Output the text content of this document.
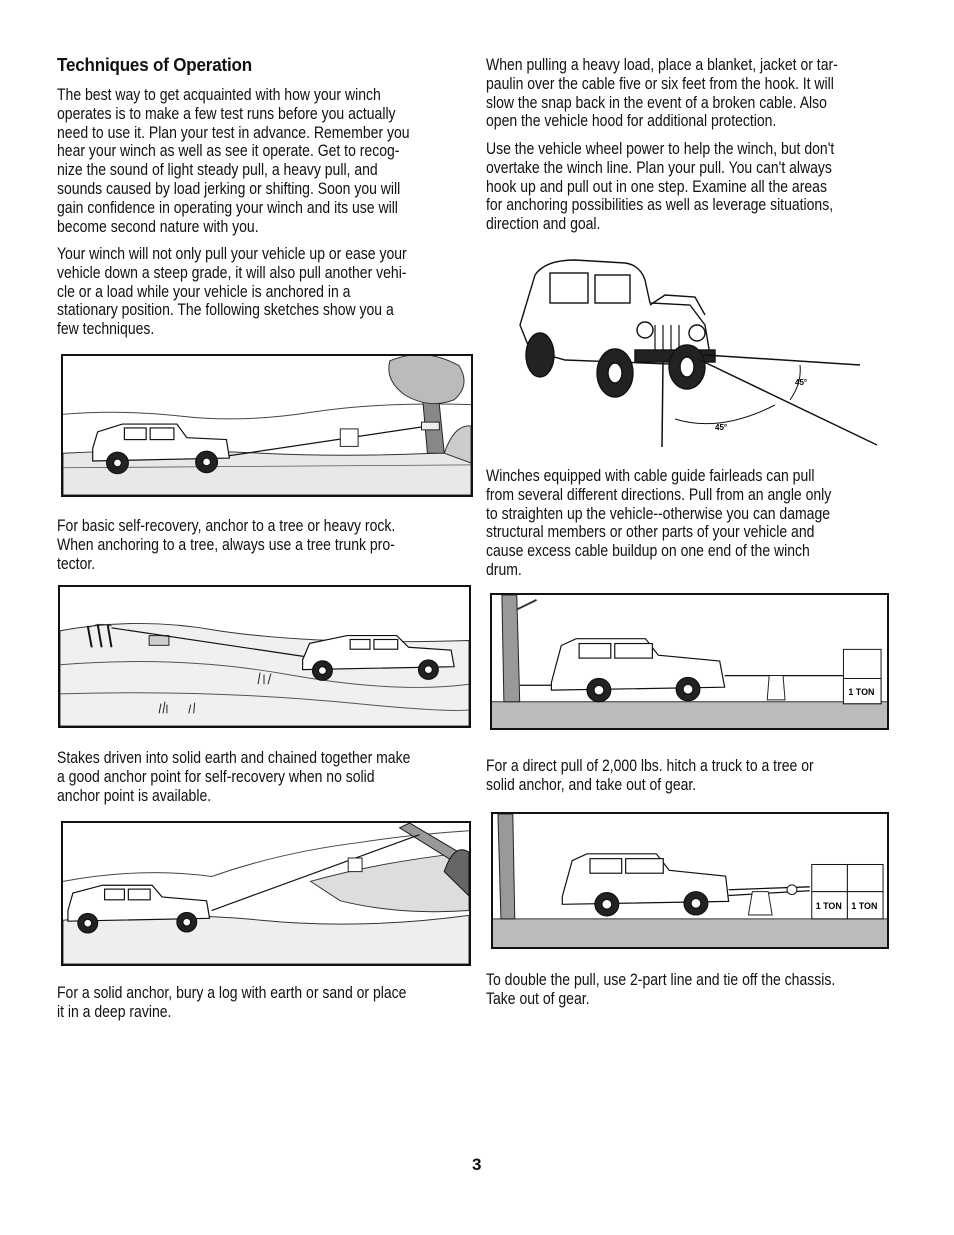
Techniques of Operation

The best way to get acquainted with how your winch
operates is to make a few test runs before you actually
need to use it. Plan your test in advance. Remember you
hear your winch as well as see it operate. Get to recog-
nize the sound of light steady pull, a heavy pull, and
sounds caused by load jerking or shifting. Soon you will
gain confidence in operating your winch and its use will
become second nature with you.

Your winch will not only pull your vehicle up or ease your
vehicle down a steep grade, it will also pull another vehi-
cle or a load while your vehicle is anchored in a
stationary position. The following sketches show you a
few techniques.

For basic self-recovery, anchor to a tree or heavy rock.
When anchoring to a tree, always use a tree trunk pro-
tector.

Stakes driven into solid earth and chained together make
a good anchor point for self-recovery when no solid
anchor point is available.

For a solid anchor, bury a log with earth or sand or place
it in a deep ravine.

When pulling a heavy load, place a blanket, jacket or tar-
paulin over the cable five or six feet from the hook. It will
slow the snap back in the event of a broken cable. Also
open the vehicle hood for additional protection.

Use the vehicle wheel power to help the winch, but don't
overtake the winch line. Plan your pull. You can't always
hook up and pull out in one step. Examine all the areas
for anchoring possibilities as well as leverage situations,
direction and goal.

45°
45°

Winches equipped with cable guide fairleads can pull
from several different directions. Pull from an angle only
to straighten up the vehicle--otherwise you can damage
structural members or other parts of your vehicle and
cause excess cable buildup on one end of the winch
drum.

1 TON

For a direct pull of 2,000 lbs. hitch a truck to a tree or
solid anchor, and take out of gear.

1 TON 1 TON

To double the pull, use 2-part line and tie off the chassis.
Take out of gear.

3
